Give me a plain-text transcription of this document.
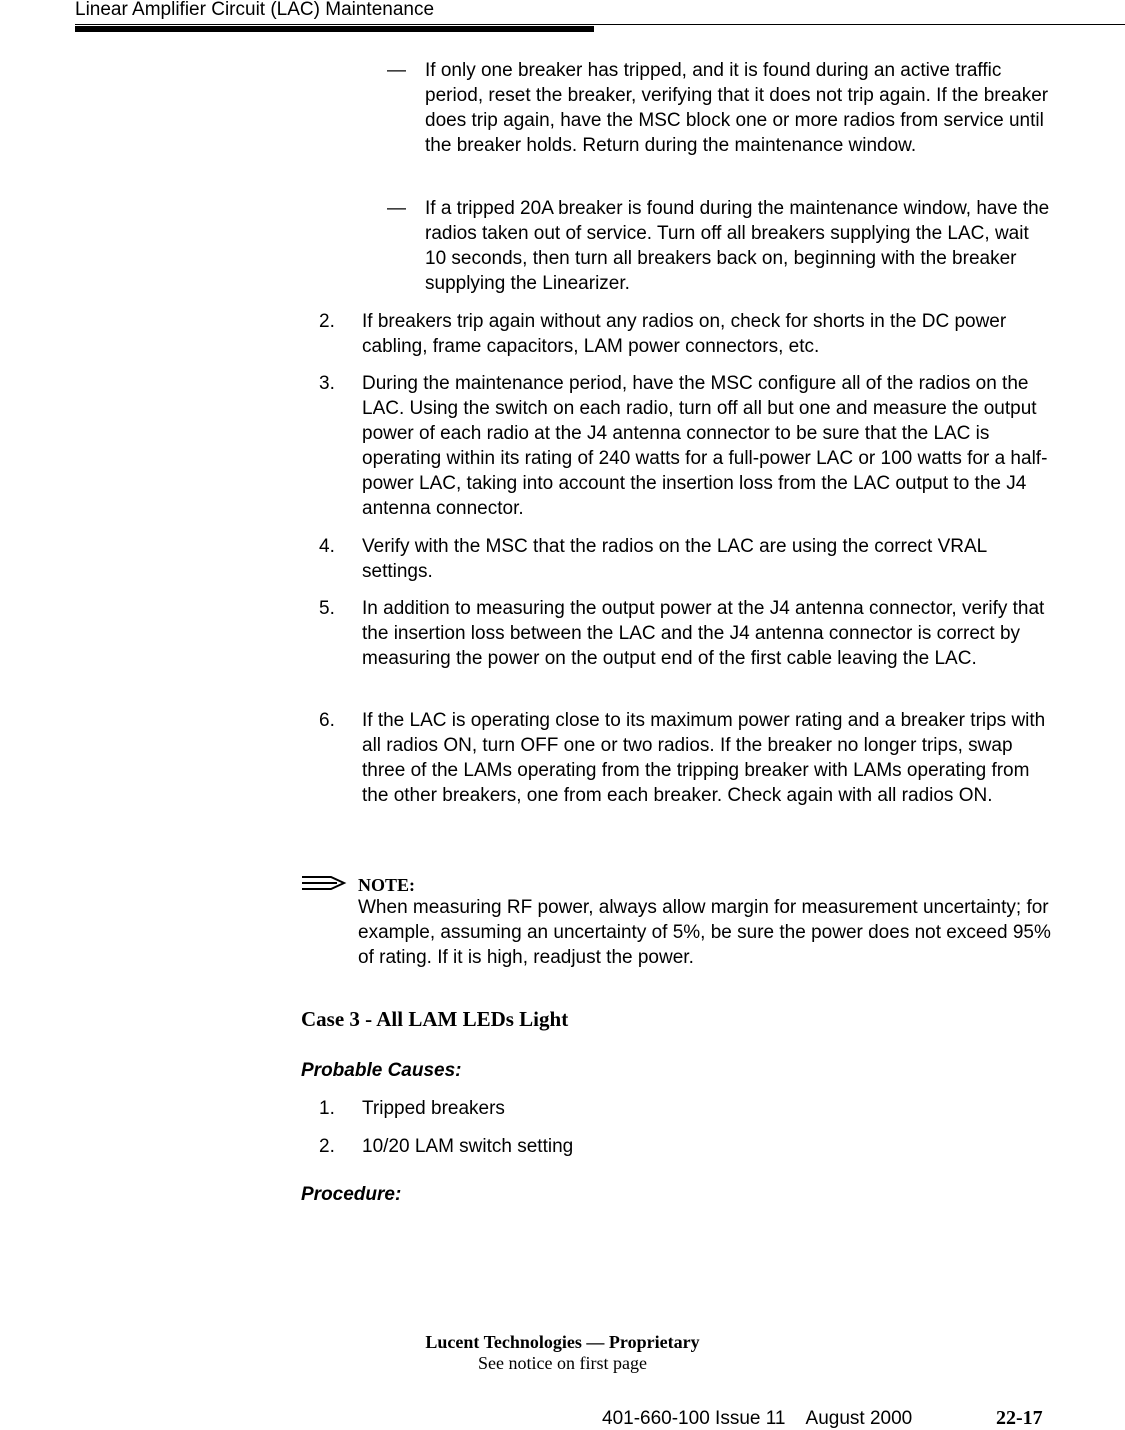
Linear Amplifier Circuit (LAC) Maintenance
— If only one breaker has tripped, and it is found during an active traffic period, reset the breaker, verifying that it does not trip again. If the breaker does trip again, have the MSC block one or more radios from service until the breaker holds. Return during the maintenance window.

— If a tripped 20A breaker is found during the maintenance window, have the radios taken out of service. Turn off all breakers supplying the LAC, wait 10 seconds, then turn all breakers back on, beginning with the breaker supplying the Linearizer.

2. If breakers trip again without any radios on, check for shorts in the DC power cabling, frame capacitors, LAM power connectors, etc.

3. During the maintenance period, have the MSC configure all of the radios on the LAC. Using the switch on each radio, turn off all but one and measure the output power of each radio at the J4 antenna connector to be sure that the LAC is operating within its rating of 240 watts for a full-power LAC or 100 watts for a half-power LAC, taking into account the insertion loss from the LAC output to the J4 antenna connector.

4. Verify with the MSC that the radios on the LAC are using the correct VRAL settings.

5. In addition to measuring the output power at the J4 antenna connector, verify that the insertion loss between the LAC and the J4 antenna connector is correct by measuring the power on the output end of the first cable leaving the LAC.

6. If the LAC is operating close to its maximum power rating and a breaker trips with all radios ON, turn OFF one or two radios. If the breaker no longer trips, swap three of the LAMs operating from the tripping breaker with LAMs operating from the other breakers, one from each breaker. Check again with all radios ON.

NOTE:

When measuring RF power, always allow margin for measurement uncertainty; for example, assuming an uncertainty of 5%, be sure the power does not exceed 95% of rating. If it is high, readjust the power.

Case 3 - All LAM LEDs Light
Probable Causes:
1. Tripped breakers

2. 10/20 LAM switch setting

Procedure:
Lucent Technologies — Proprietary
See notice on first page
401-660-100 Issue 11    August 2000	22-17
